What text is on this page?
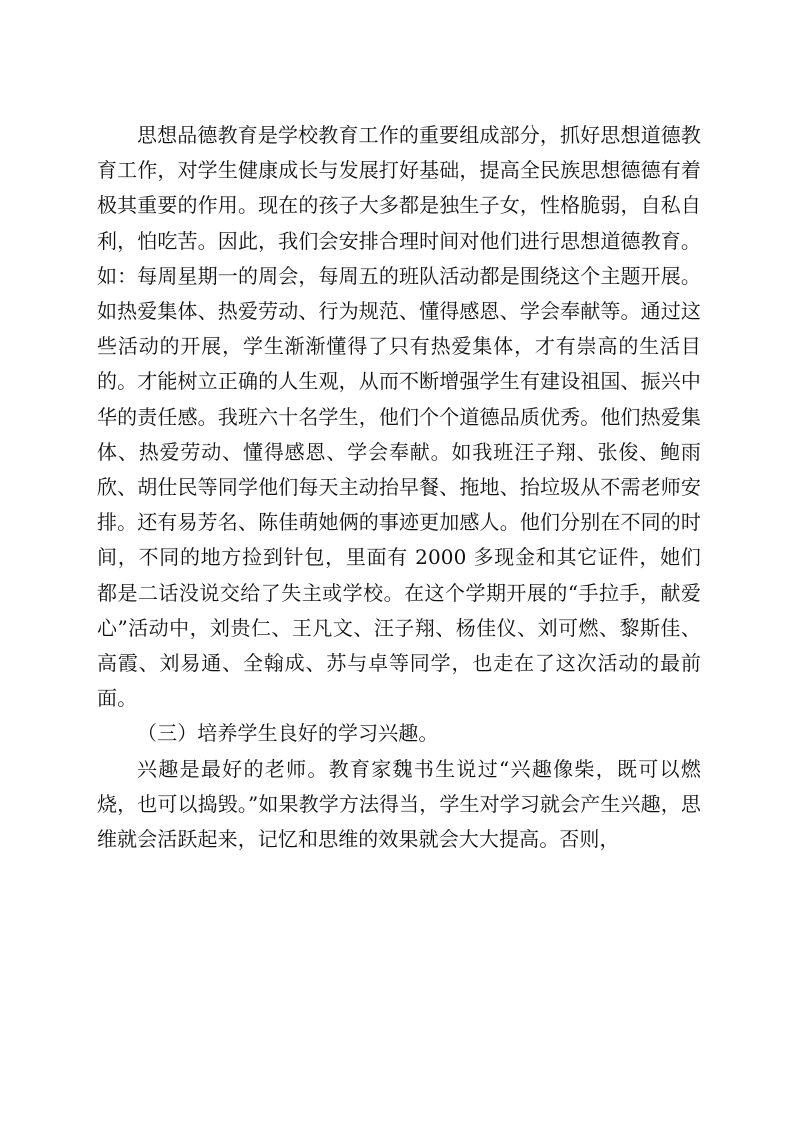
思想品德教育是学校教育工作的重要组成部分，抓好思想道德教育工作，对学生健康成长与发展打好基础，提高全民族思想德德有着极其重要的作用。现在的孩子大多都是独生子女，性格脆弱，自私自利，怕吃苦。因此，我们会安排合理时间对他们进行思想道德教育。如：每周星期一的周会，每周五的班队活动都是围绕这个主题开展。如热爱集体、热爱劳动、行为规范、懂得感恩、学会奉献等。通过这些活动的开展，学生渐渐懂得了只有热爱集体，才有崇高的生活目的。才能树立正确的人生观，从而不断增强学生有建设祖国、振兴中华的责任感。我班六十名学生，他们个个道德品质优秀。他们热爱集体、热爱劳动、懂得感恩、学会奉献。如我班汪子翔、张俊、鲍雨欣、胡仕民等同学他们每天主动抬早餐、拖地、抬垃圾从不需老师安排。还有易芳名、陈佳萌她俩的事迹更加感人。他们分别在不同的时间，不同的地方捡到针包，里面有 2000 多现金和其它证件，她们都是二话没说交给了失主或学校。在这个学期开展的“手拉手，献爱心”活动中，刘贵仁、王凡文、汪子翔、杨佳仪、刘可燃、黎斯佳、高霞、刘易通、全翰成、苏与卓等同学，也走在了这次活动的最前面。

（三）培养学生良好的学习兴趣。

兴趣是最好的老师。教育家魏书生说过“兴趣像柴，既可以燃烧，也可以捣毁。”如果教学方法得当，学生对学习就会产生兴趣，思维就会活跃起来，记忆和思维的效果就会大大提高。否则，
